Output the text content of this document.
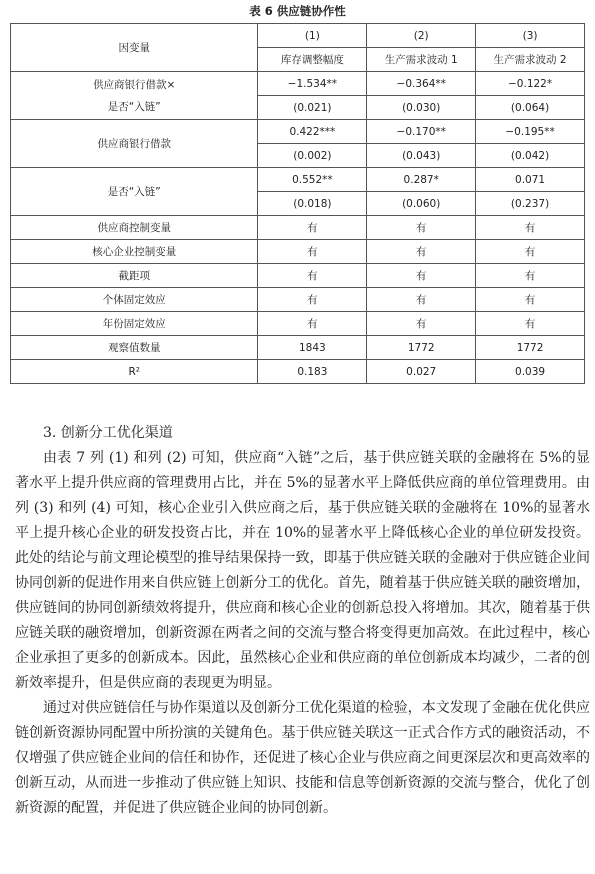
表 6 供应链协作性
因变量	(1)	(2)	(3)
	库存调整幅度	生产需求波动 1	生产需求波动 2
供应商银行借款×
是否“入链”	−1.534**	−0.364**	−0.122*
	(0.021)	(0.030)	(0.064)
供应商银行借款	0.422***	−0.170**	−0.195**
	(0.002)	(0.043)	(0.042)
是否“入链”	0.552**	0.287*	0.071
	(0.018)	(0.060)	(0.237)
供应商控制变量	有	有	有
核心企业控制变量	有	有	有
截距项	有	有	有
个体固定效应	有	有	有
年份固定效应	有	有	有
观察值数量	1843	1772	1772
R²	0.183	0.027	0.039

3. 创新分工优化渠道

由表 7 列 (1) 和列 (2) 可知，供应商“入链”之后，基于供应链关联的金融将在 5%的显著水平上提升供应商的管理费用占比，并在 5%的显著水平上降低供应商的单位管理费用。由列 (3) 和列 (4) 可知，核心企业引入供应商之后，基于供应链关联的金融将在 10%的显著水平上提升核心企业的研发投资占比，并在 10%的显著水平上降低核心企业的单位研发投资。此处的结论与前文理论模型的推导结果保持一致，即基于供应链关联的金融对于供应链企业间协同创新的促进作用来自供应链上创新分工的优化。首先，随着基于供应链关联的融资增加，供应链间的协同创新绩效将提升，供应商和核心企业的创新总投入将增加。其次，随着基于供应链关联的融资增加，创新资源在两者之间的交流与整合将变得更加高效。在此过程中，核心企业承担了更多的创新成本。因此，虽然核心企业和供应商的单位创新成本均减少，二者的创新效率提升，但是供应商的表现更为明显。

通过对供应链信任与协作渠道以及创新分工优化渠道的检验，本文发现了金融在优化供应链创新资源协同配置中所扮演的关键角色。基于供应链关联这一正式合作方式的融资活动，不仅增强了供应链企业间的信任和协作，还促进了核心企业与供应商之间更深层次和更高效率的创新互动，从而进一步推动了供应链上知识、技能和信息等创新资源的交流与整合，优化了创新资源的配置，并促进了供应链企业间的协同创新。
